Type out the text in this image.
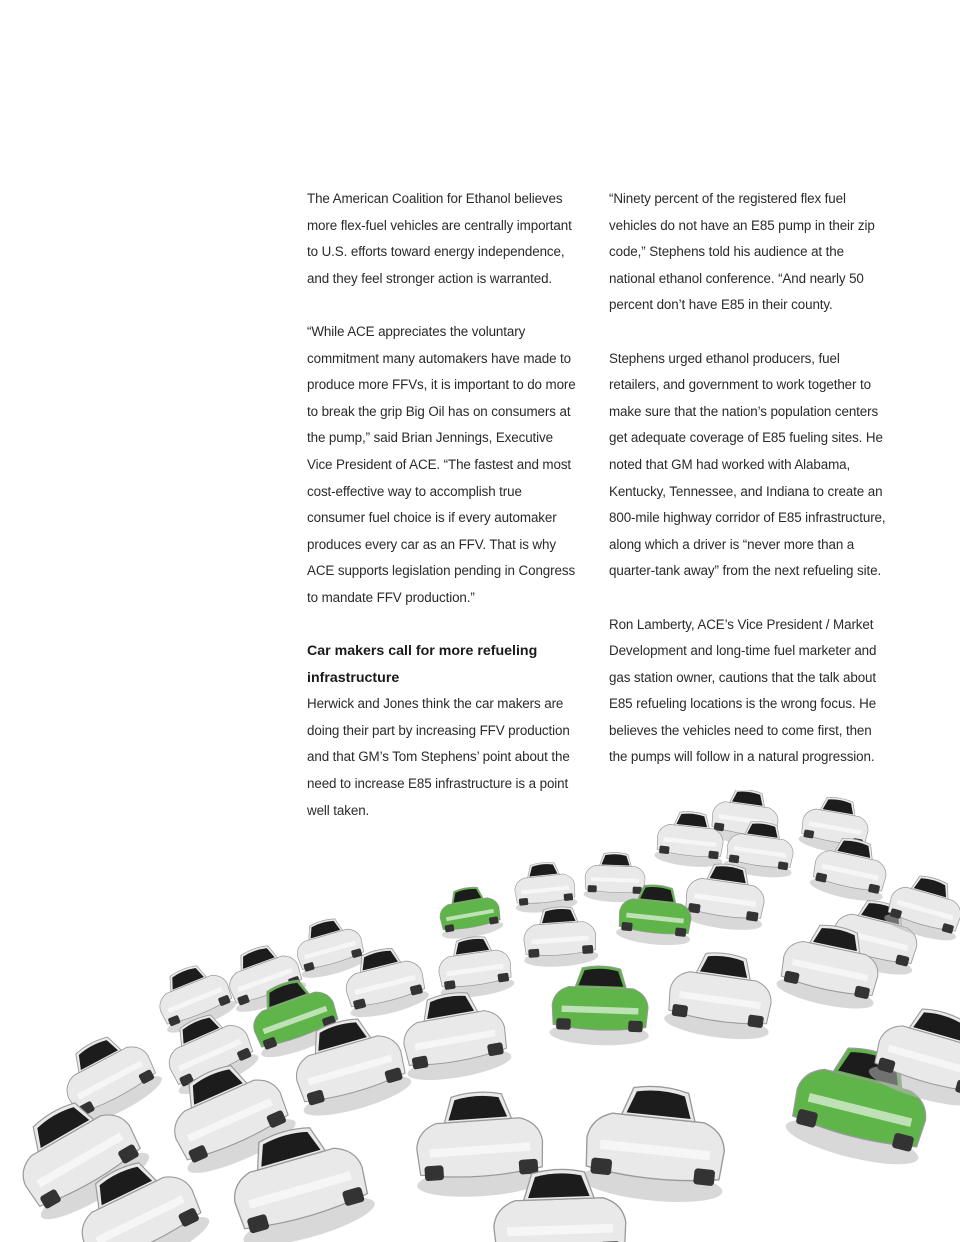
The American Coalition for Ethanol believes more flex-fuel vehicles are centrally important to U.S. efforts toward energy independence, and they feel stronger action is warranted.

“While ACE appreciates the voluntary commitment many automakers have made to produce more FFVs, it is important to do more to break the grip Big Oil has on consumers at the pump,” said Brian Jennings, Executive Vice President of ACE. “The fastest and most cost-effective way to accomplish true consumer fuel choice is if every automaker produces every car as an FFV. That is why ACE supports legislation pending in Congress to mandate FFV production.”

Car makers call for more refueling infrastructure

Herwick and Jones think the car makers are doing their part by increasing FFV production and that GM’s Tom Stephens’ point about the need to increase E85 infrastructure is a point well taken.

“Ninety percent of the registered flex fuel vehicles do not have an E85 pump in their zip code,” Stephens told his audience at the national ethanol conference. “And nearly 50 percent don’t have E85 in their county.

Stephens urged ethanol producers, fuel retailers, and government to work together to make sure that the nation’s population centers get adequate coverage of E85 fueling sites. He noted that GM had worked with Alabama, Kentucky, Tennessee, and Indiana to create an 800-mile highway corridor of E85 infrastructure, along which a driver is “never more than a quarter-tank away” from the next refueling site.

Ron Lamberty, ACE’s Vice President / Market Development and long-time fuel marketer and gas station owner, cautions that the talk about E85 refueling locations is the wrong focus. He believes the vehicles need to come first, then the pumps will follow in a natural progression.
